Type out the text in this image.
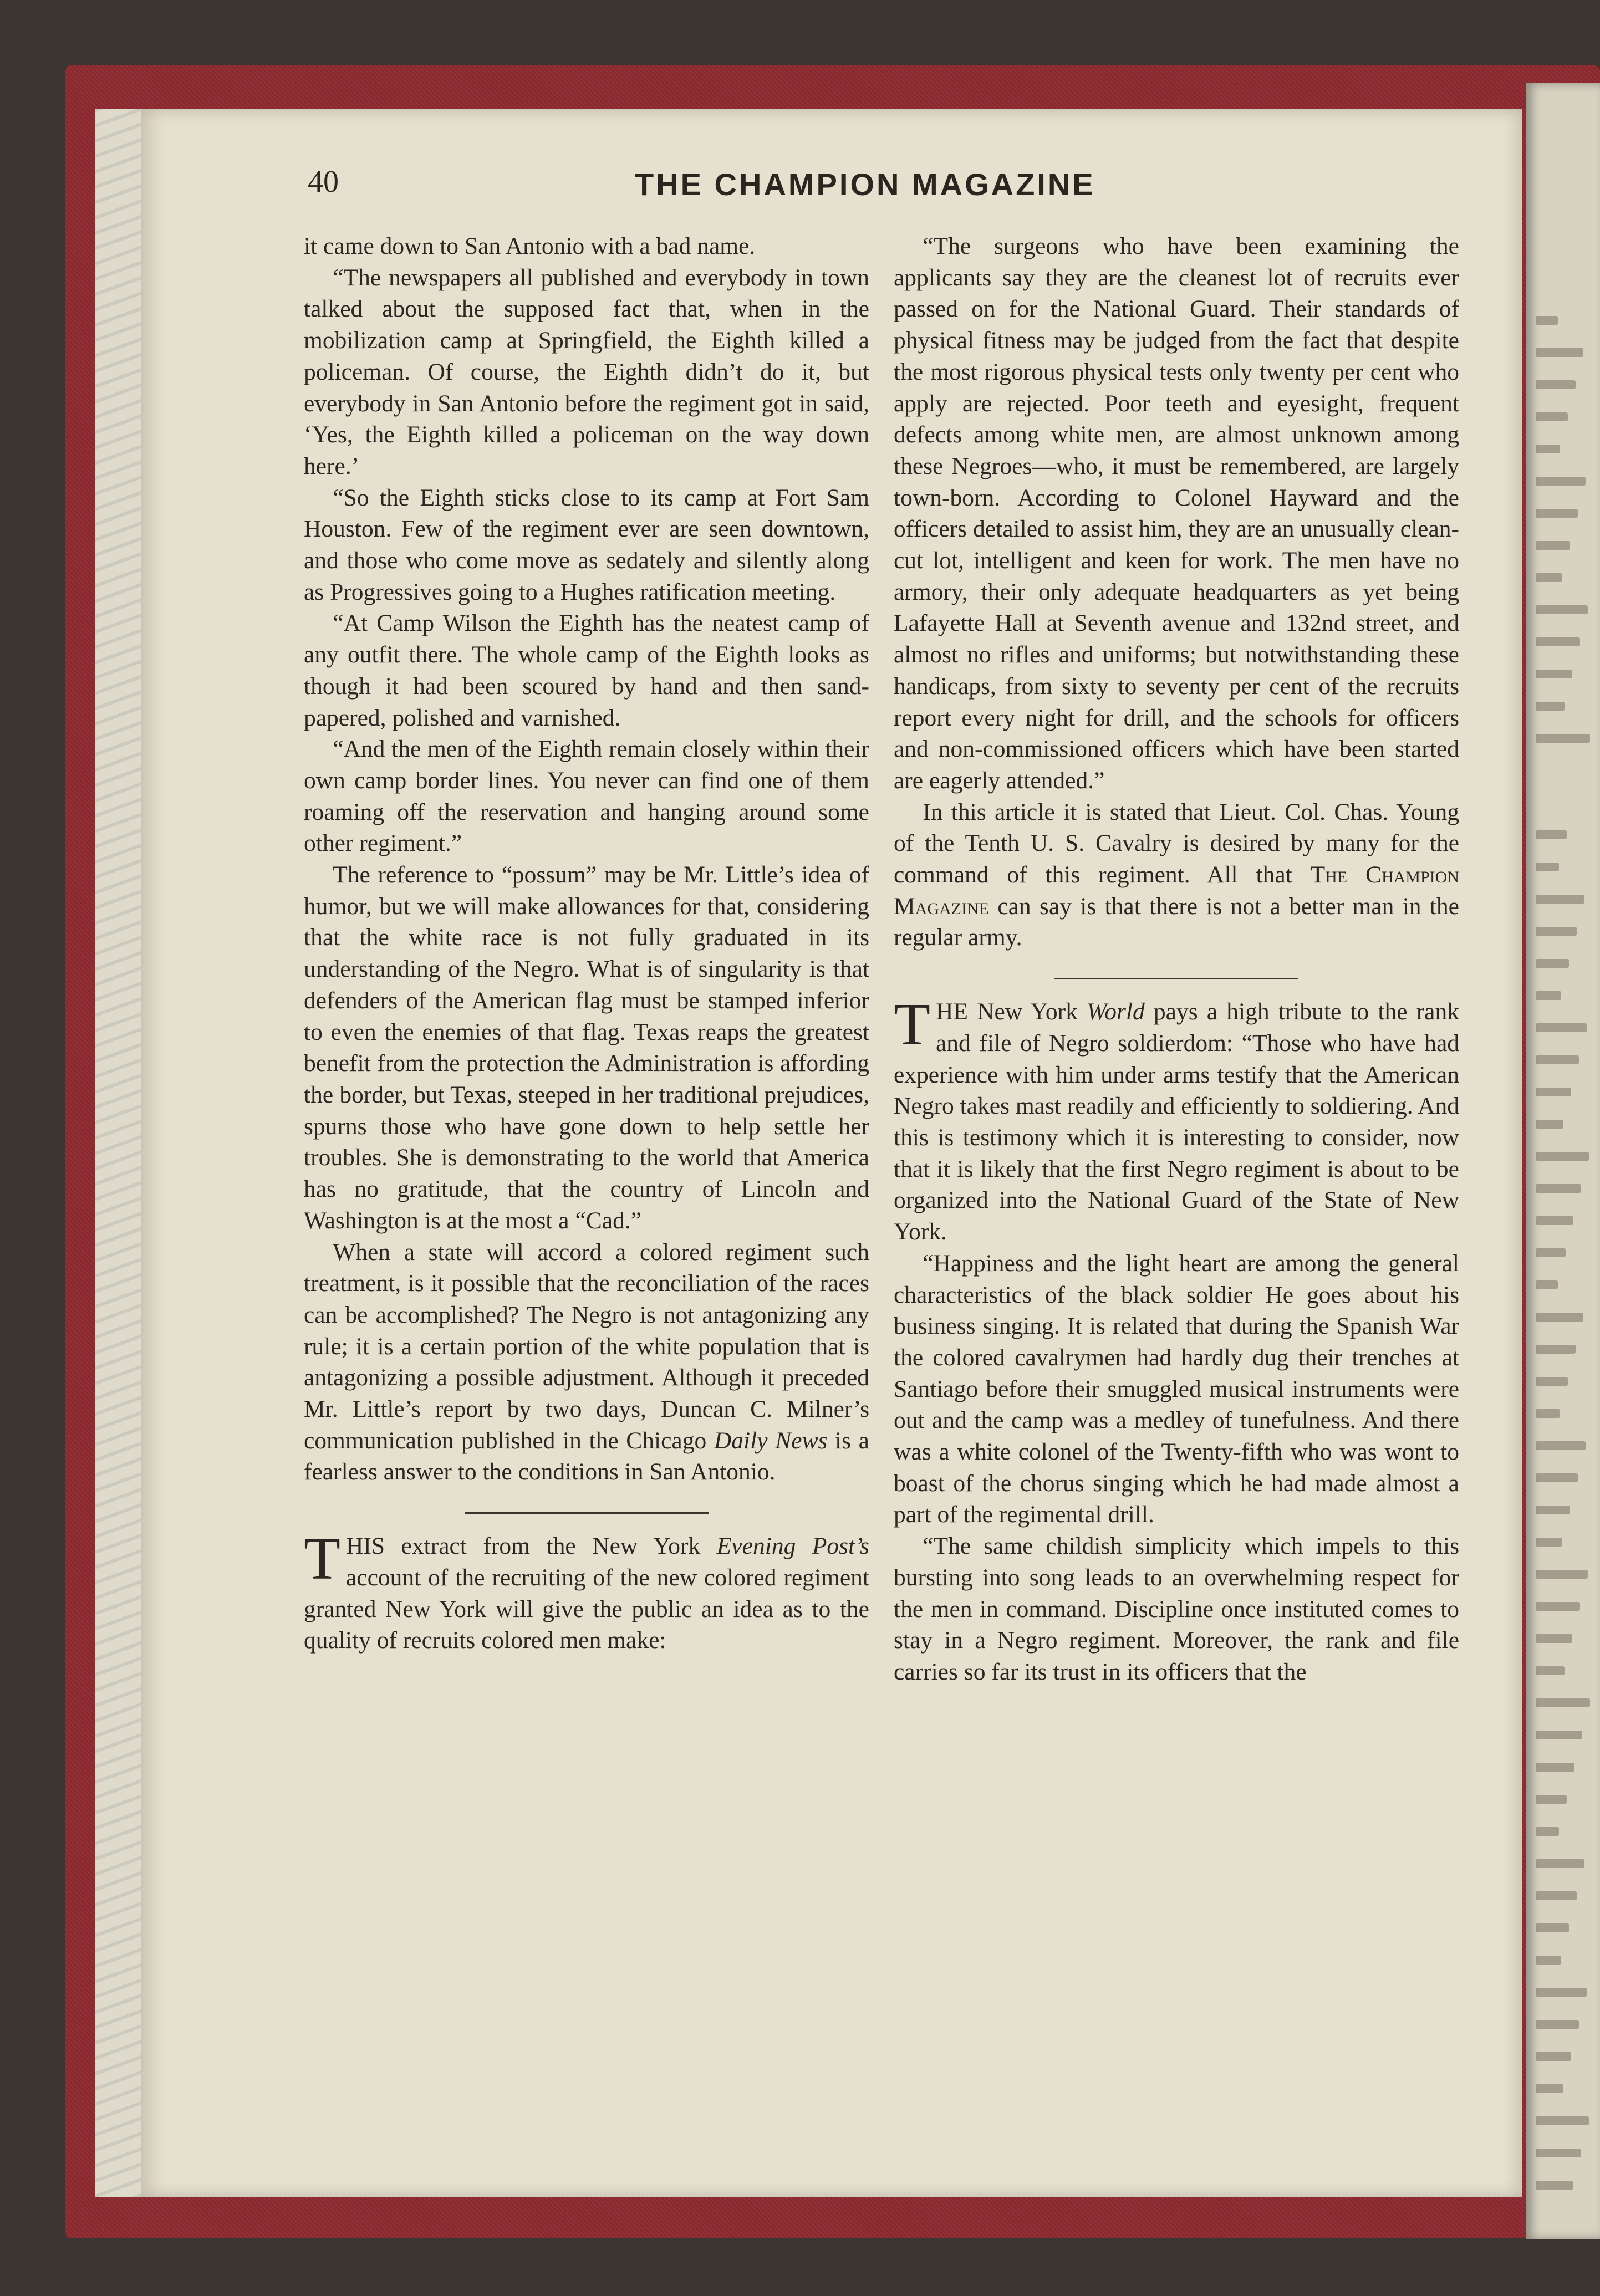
40	THE CHAMPION MAGAZINE

it came down to San Antonio with a bad name.

“The newspapers all published and everybody in town talked about the supposed fact that, when in the mobilization camp at Springfield, the Eighth killed a policeman. Of course, the Eighth didn’t do it, but everybody in San Antonio before the regiment got in said, ‘Yes, the Eighth killed a policeman on the way down here.’

“So the Eighth sticks close to its camp at Fort Sam Houston. Few of the regiment ever are seen downtown, and those who come move as sedately and silently along as Progressives going to a Hughes ratification meeting.

“At Camp Wilson the Eighth has the neatest camp of any outfit there. The whole camp of the Eighth looks as though it had been scoured by hand and then sand-papered, polished and varnished.

“And the men of the Eighth remain closely within their own camp border lines. You never can find one of them roaming off the reservation and hanging around some other regiment.”

The reference to “possum” may be Mr. Little’s idea of humor, but we will make allowances for that, considering that the white race is not fully graduated in its understanding of the Negro. What is of singularity is that defenders of the American flag must be stamped inferior to even the enemies of that flag. Texas reaps the greatest benefit from the protection the Administration is affording the border, but Texas, steeped in her traditional prejudices, spurns those who have gone down to help settle her troubles. She is demonstrating to the world that America has no gratitude, that the country of Lincoln and Washington is at the most a “Cad.”

When a state will accord a colored regiment such treatment, is it possible that the reconciliation of the races can be accomplished? The Negro is not antagonizing any rule; it is a certain portion of the white population that is antagonizing a possible adjustment. Although it preceded Mr. Little’s report by two days, Duncan C. Milner’s communication published in the Chicago Daily News is a fearless answer to the conditions in San Antonio.

THIS extract from the New York Evening Post’s account of the recruiting of the new colored regiment granted New York will give the public an idea as to the quality of recruits colored men make:

“The surgeons who have been examining the applicants say they are the cleanest lot of recruits ever passed on for the National Guard. Their standards of physical fitness may be judged from the fact that despite the most rigorous physical tests only twenty per cent who apply are rejected. Poor teeth and eyesight, frequent defects among white men, are almost unknown among these Negroes—who, it must be remembered, are largely town-born. According to Colonel Hayward and the officers detailed to assist him, they are an unusually clean-cut lot, intelligent and keen for work. The men have no armory, their only adequate headquarters as yet being Lafayette Hall at Seventh avenue and 132nd street, and almost no rifles and uniforms; but notwithstanding these handicaps, from sixty to seventy per cent of the recruits report every night for drill, and the schools for officers and non-commissioned officers which have been started are eagerly attended.”

In this article it is stated that Lieut. Col. Chas. Young of the Tenth U. S. Cavalry is desired by many for the command of this regiment. All that The Champion Magazine can say is that there is not a better man in the regular army.

THE New York World pays a high tribute to the rank and file of Negro soldierdom: “Those who have had experience with him under arms testify that the American Negro takes mast readily and efficiently to soldiering. And this is testimony which it is interesting to consider, now that it is likely that the first Negro regiment is about to be organized into the National Guard of the State of New York.

“Happiness and the light heart are among the general characteristics of the black soldier He goes about his business singing. It is related that during the Spanish War the colored cavalrymen had hardly dug their trenches at Santiago before their smuggled musical instruments were out and the camp was a medley of tunefulness. And there was a white colonel of the Twenty-fifth who was wont to boast of the chorus singing which he had made almost a part of the regimental drill.

“The same childish simplicity which impels to this bursting into song leads to an overwhelming respect for the men in command. Discipline once instituted comes to stay in a Negro regiment. Moreover, the rank and file carries so far its trust in its officers that the
